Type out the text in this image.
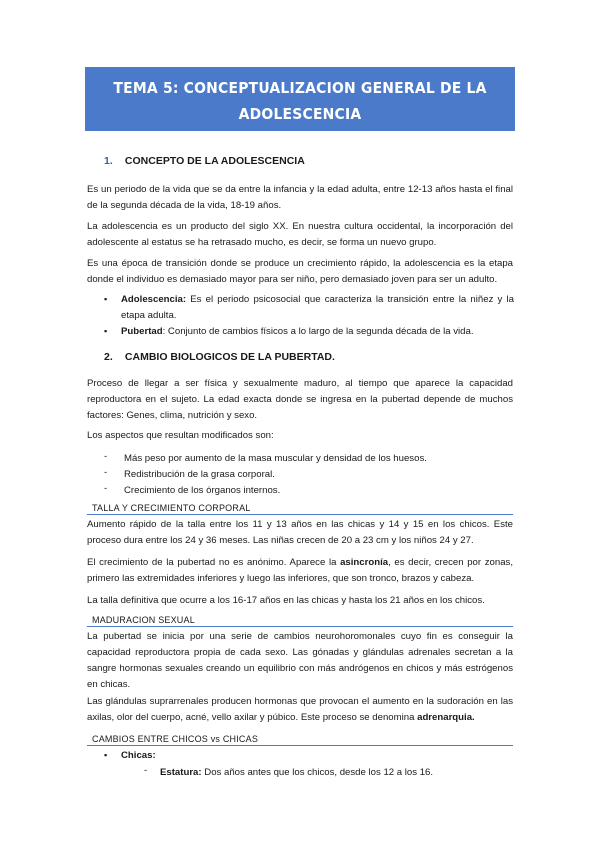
TEMA 5: CONCEPTUALIZACION GENERAL DE LA
ADOLESCENCIA
1. CONCEPTO DE LA ADOLESCENCIA
Es un periodo de la vida que se da entre la infancia y la edad adulta, entre 12-13 años hasta el final de la segunda década de la vida, 18-19 años.
La adolescencia es un producto del siglo XX. En nuestra cultura occidental, la incorporación del adolescente al estatus se ha retrasado mucho, es decir, se forma un nuevo grupo.
Es una época de transición donde se produce un crecimiento rápido, la adolescencia es la etapa donde el individuo es demasiado mayor para ser niño, pero demasiado joven para ser un adulto.
▪ Adolescencia: Es el periodo psicosocial que caracteriza la transición entre la niñez y la etapa adulta.
▪ Pubertad: Conjunto de cambios físicos a lo largo de la segunda década de la vida.
2. CAMBIO BIOLOGICOS DE LA PUBERTAD.
Proceso de llegar a ser física y sexualmente maduro, al tiempo que aparece la capacidad reproductora en el sujeto. La edad exacta donde se ingresa en la pubertad depende de muchos factores: Genes, clima, nutrición y sexo.
Los aspectos que resultan modificados son:
- Más peso por aumento de la masa muscular y densidad de los huesos.
- Redistribución de la grasa corporal.
- Crecimiento de los órganos internos.
TALLA Y CRECIMIENTO CORPORAL
Aumento rápido de la talla entre los 11 y 13 años en las chicas y 14 y 15 en los chicos. Este proceso dura entre los 24 y 36 meses. Las niñas crecen de 20 a 23 cm y los niños 24 y 27.
El crecimiento de la pubertad no es anónimo. Aparece la asincronía, es decir, crecen por zonas, primero las extremidades inferiores y luego las inferiores, que son tronco, brazos y cabeza.
La talla definitiva que ocurre a los 16-17 años en las chicas y hasta los 21 años en los chicos.
MADURACION SEXUAL
La pubertad se inicia por una serie de cambios neurohoromonales cuyo fin es conseguir la capacidad reproductora propia de cada sexo. Las gónadas y glándulas adrenales secretan a la sangre hormonas sexuales creando un equilibrio con más andrógenos en chicos y más estrógenos en chicas.
Las glándulas suprarrenales producen hormonas que provocan el aumento en la sudoración en las axilas, olor del cuerpo, acné, vello axilar y púbico. Este proceso se denomina adrenarquia.
CAMBIOS ENTRE CHICOS vs CHICAS
▪ Chicas:
- Estatura: Dos años antes que los chicos, desde los 12 a los 16.
